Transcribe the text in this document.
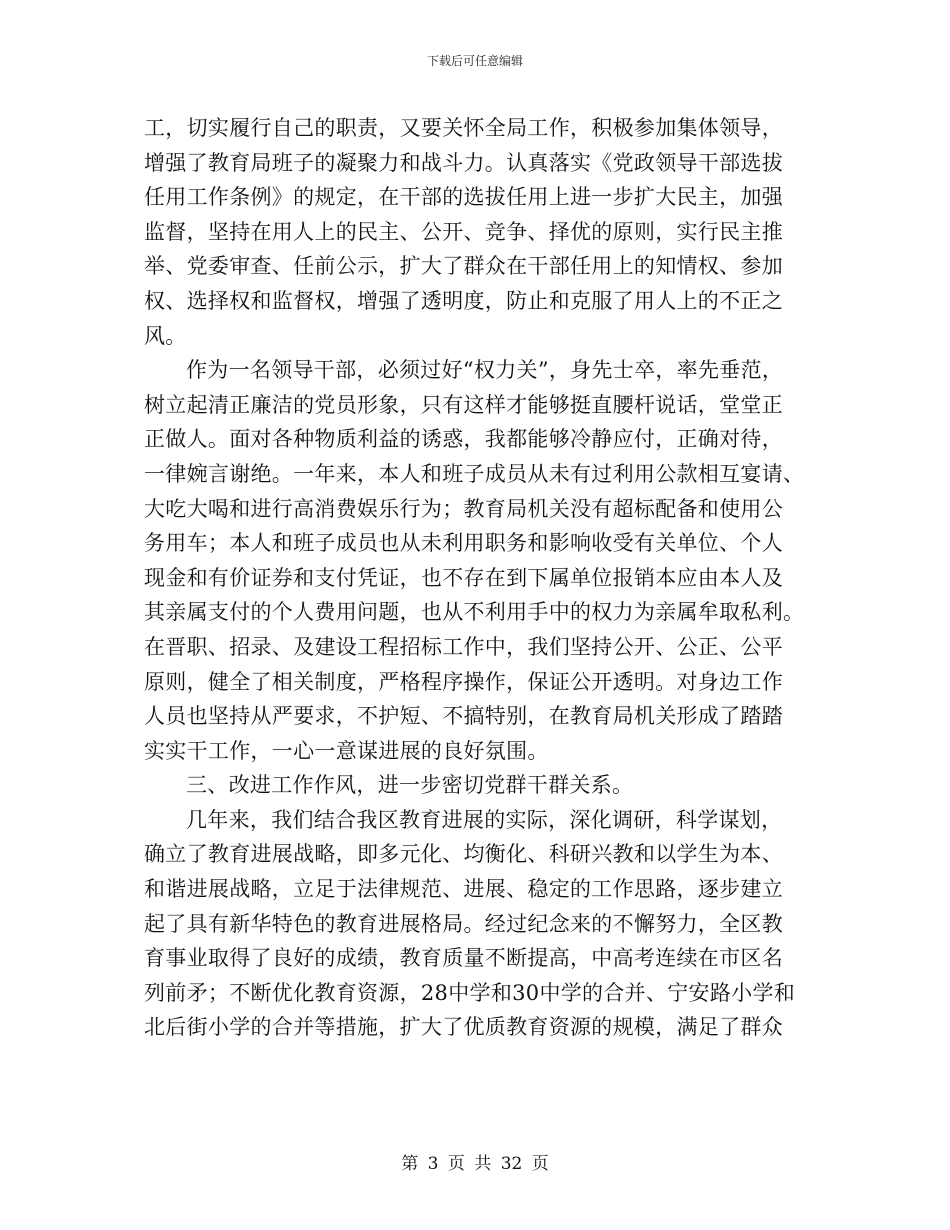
下载后可任意编辑
工，切实履行自己的职责，又要关怀全局工作，积极参加集体领导，
增强了教育局班子的凝聚力和战斗力。认真落实《党政领导干部选拔
任用工作条例》的规定，在干部的选拔任用上进一步扩大民主，加强
监督，坚持在用人上的民主、公开、竞争、择优的原则，实行民主推
举、党委审查、任前公示，扩大了群众在干部任用上的知情权、参加
权、选择权和监督权，增强了透明度，防止和克服了用人上的不正之
风。
作为一名领导干部，必须过好“权力关”，身先士卒，率先垂范，
树立起清正廉洁的党员形象，只有这样才能够挺直腰杆说话，堂堂正
正做人。面对各种物质利益的诱惑，我都能够冷静应付，正确对待，
一律婉言谢绝。一年来，本人和班子成员从未有过利用公款相互宴请、
大吃大喝和进行高消费娱乐行为；教育局机关没有超标配备和使用公
务用车；本人和班子成员也从未利用职务和影响收受有关单位、个人
现金和有价证券和支付凭证，也不存在到下属单位报销本应由本人及
其亲属支付的个人费用问题，也从不利用手中的权力为亲属牟取私利。
在晋职、招录、及建设工程招标工作中，我们坚持公开、公正、公平
原则，健全了相关制度，严格程序操作，保证公开透明。对身边工作
人员也坚持从严要求，不护短、不搞特别，在教育局机关形成了踏踏
实实干工作，一心一意谋进展的良好氛围。
三、改进工作作风，进一步密切党群干群关系。
几年来，我们结合我区教育进展的实际，深化调研，科学谋划，
确立了教育进展战略，即多元化、均衡化、科研兴教和以学生为本、
和谐进展战略，立足于法律规范、进展、稳定的工作思路，逐步建立
起了具有新华特色的教育进展格局。经过纪念来的不懈努力，全区教
育事业取得了良好的成绩，教育质量不断提高，中高考连续在市区名
列前矛；不断优化教育资源，28中学和30中学的合并、宁安路小学和
北后街小学的合并等措施，扩大了优质教育资源的规模，满足了群众
第 3 页 共 32 页
